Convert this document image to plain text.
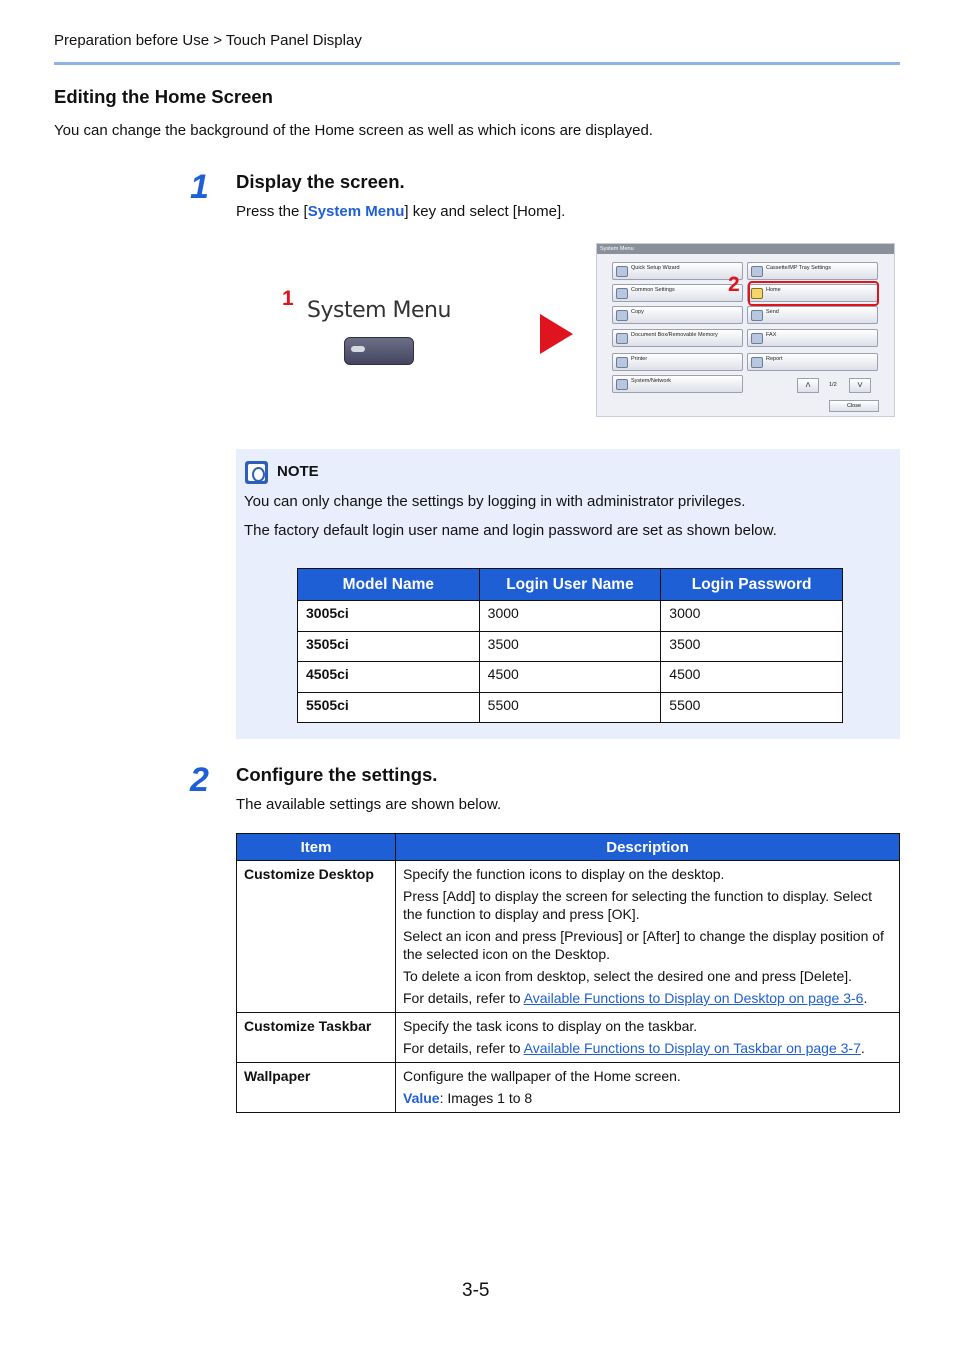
Preparation before Use > Touch Panel Display
Editing the Home Screen
You can change the background of the Home screen as well as which icons are displayed.
1 Display the screen.
Press the [System Menu] key and select [Home].
1 System Menu
System Menu
Quick Setup Wizard	Cassette/MP Tray Settings
Common Settings	Home
Copy	Send
Document Box/Removable Memory	FAX
Printer	Report
System/Network	˄	1/2	˅
Close
2
NOTE
You can only change the settings by logging in with administrator privileges.
The factory default login user name and login password are set as shown below.
Model Name	Login User Name	Login Password
3005ci	3000	3000
3505ci	3500	3500
4505ci	4500	4500
5505ci	5500	5500
2 Configure the settings.
The available settings are shown below.
Item	Description
Customize Desktop	Specify the function icons to display on the desktop.

Press [Add] to display the screen for selecting the function to display. Select the function to display and press [OK].

Select an icon and press [Previous] or [After] to change the display position of the selected icon on the Desktop.

To delete a icon from desktop, select the desired one and press [Delete].

For details, refer to Available Functions to Display on Desktop on page 3-6.

Customize Taskbar	Specify the task icons to display on the taskbar.

For details, refer to Available Functions to Display on Taskbar on page 3-7.

Wallpaper	Configure the wallpaper of the Home screen.

Value: Images 1 to 8

3-5
